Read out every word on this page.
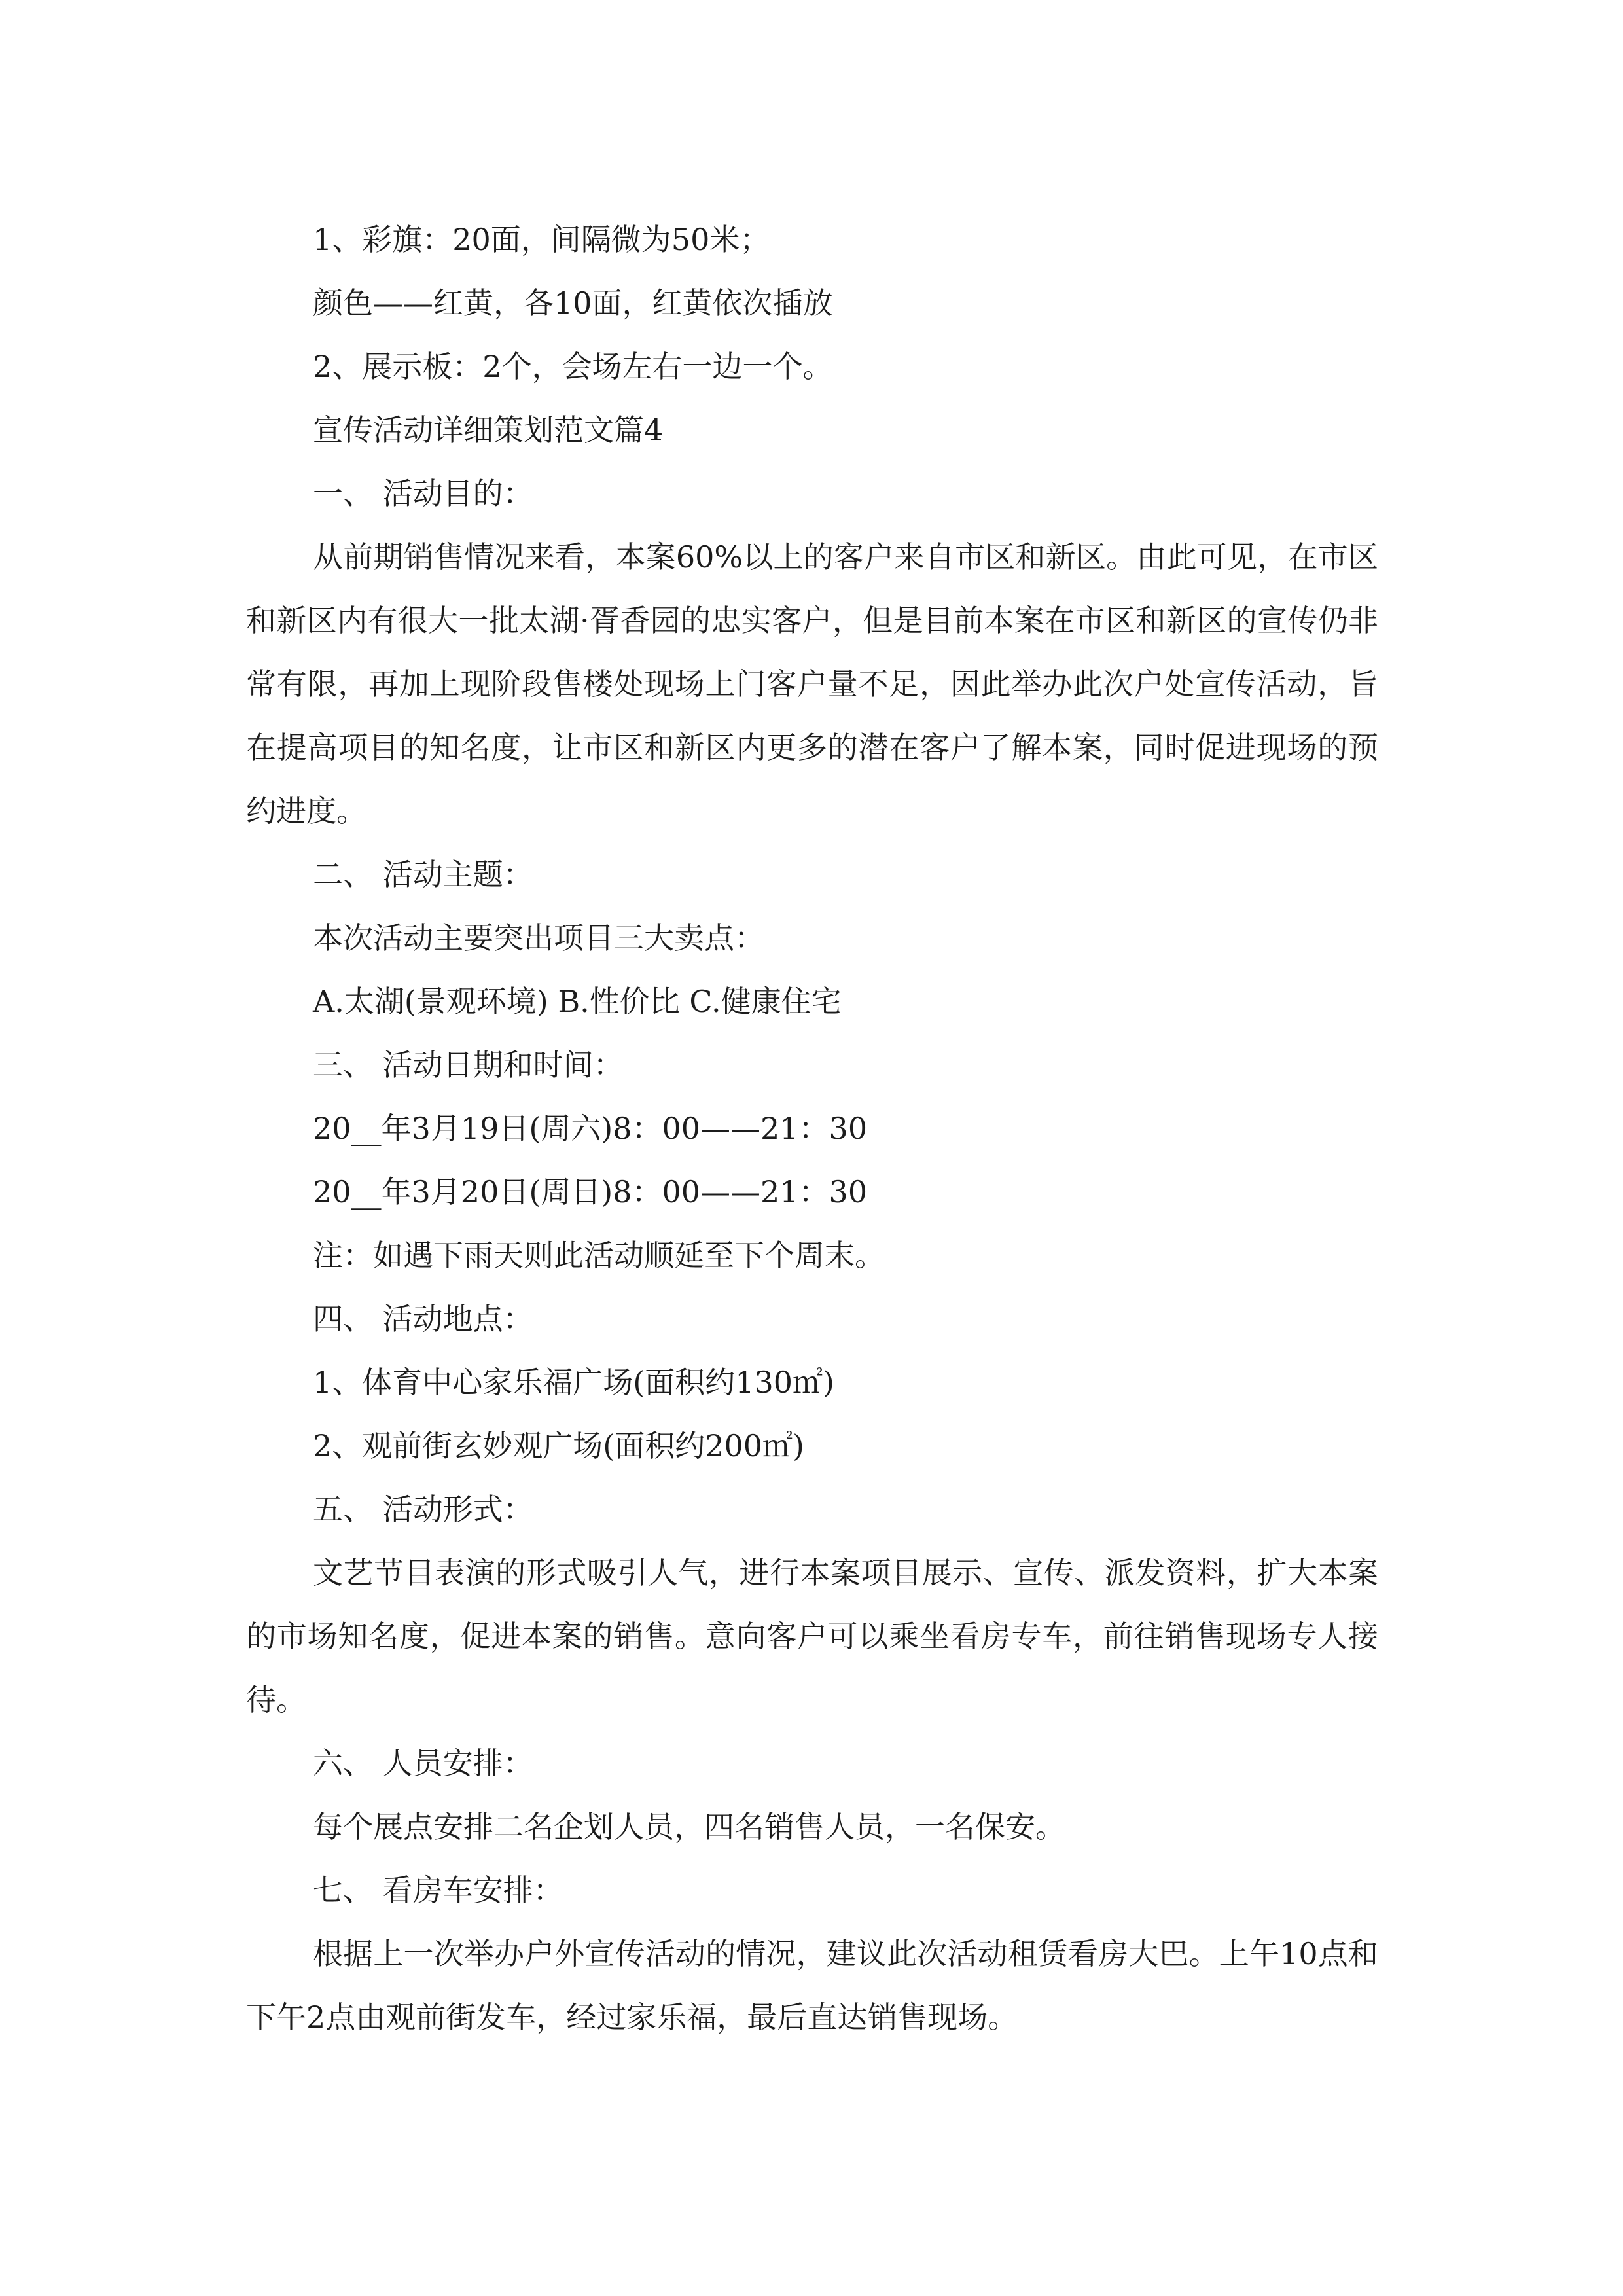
1、彩旗：20面，间隔微为50米；

颜色——红黄，各10面，红黄依次插放

2、展示板：2个，会场左右一边一个。

宣传活动详细策划范文篇4

一、 活动目的：

从前期销售情况来看，本案60%以上的客户来自市区和新区。由此可见，在市区和新区内有很大一批太湖·胥香园的忠实客户，但是目前本案在市区和新区的宣传仍非常有限，再加上现阶段售楼处现场上门客户量不足，因此举办此次户处宣传活动，旨在提高项目的知名度，让市区和新区内更多的潜在客户了解本案，同时促进现场的预约进度。

二、 活动主题：

本次活动主要突出项目三大卖点：

A.太湖(景观环境) B.性价比 C.健康住宅

三、 活动日期和时间：

20__年3月19日(周六)8：00——21：30

20__年3月20日(周日)8：00——21：30

注：如遇下雨天则此活动顺延至下个周末。

四、 活动地点：

1、体育中心家乐福广场(面积约130㎡)

2、观前街玄妙观广场(面积约200㎡)

五、 活动形式：

文艺节目表演的形式吸引人气，进行本案项目展示、宣传、派发资料，扩大本案的市场知名度，促进本案的销售。意向客户可以乘坐看房专车，前往销售现场专人接待。

六、 人员安排：

每个展点安排二名企划人员，四名销售人员，一名保安。

七、 看房车安排：

根据上一次举办户外宣传活动的情况，建议此次活动租赁看房大巴。上午10点和下午2点由观前街发车，经过家乐福，最后直达销售现场。
